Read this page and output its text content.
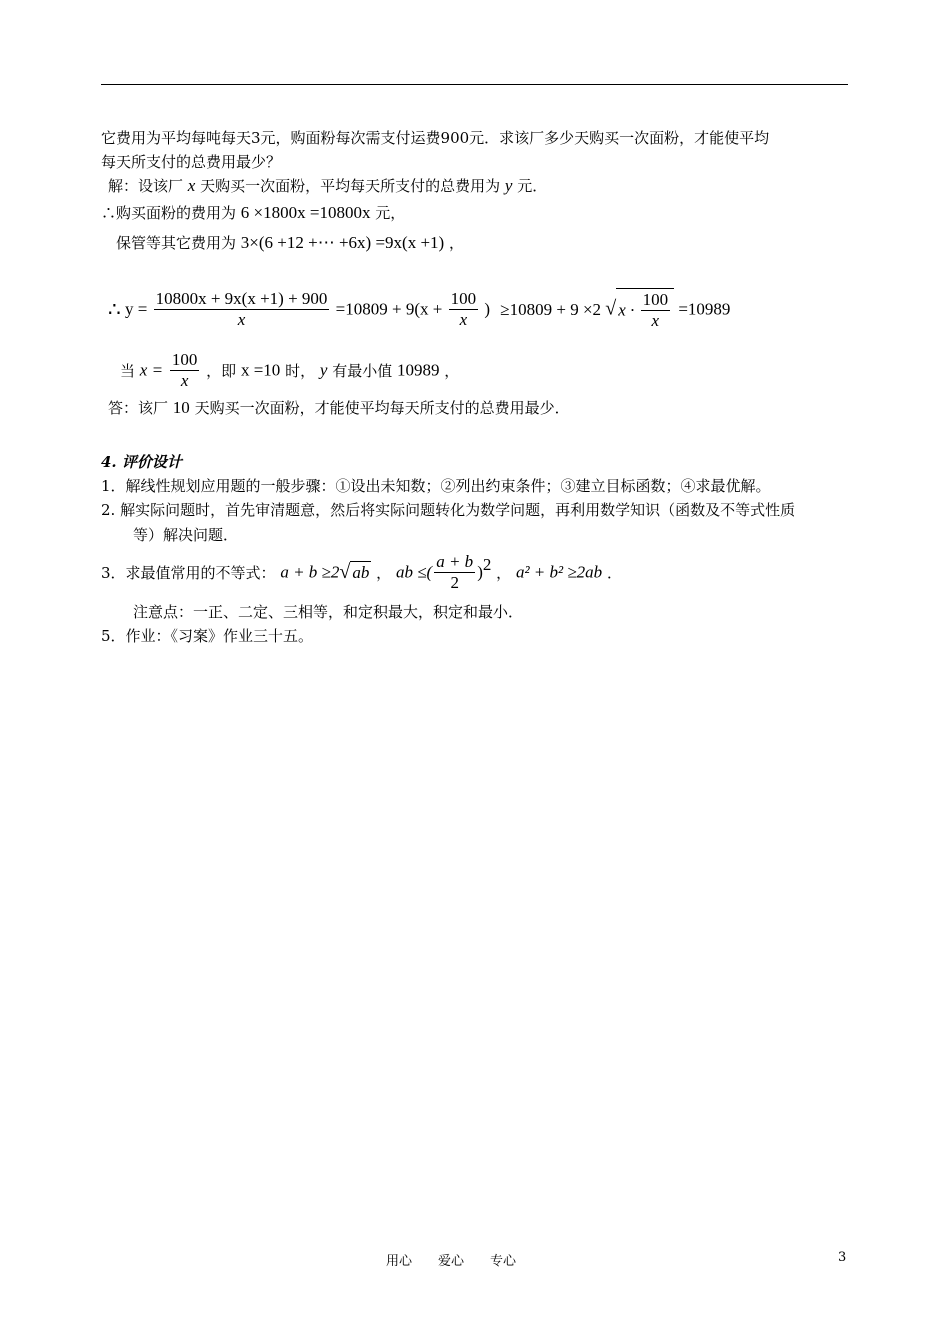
它费用为平均每吨每天3元，购面粉每次需支付运费900元．求该厂多少天购买一次面粉，才能使平均
每天所支付的总费用最少？
解：设该厂 x 天购买一次面粉，平均每天所支付的总费用为 y 元．
∴购买面粉的费用为 6 ×1800x =10800x 元，
保管等其它费用为 3×(6 +12 +⋯ +6x) =9x(x +1) ，
∴ $y = \frac{10800x + 9x(x +1) + 900}{x} =10809 + 9(x + \frac{100}{x}$ ) ≥10809 + 9 ×2 √ $x \cdot \frac{100}{x} =10989$
当 $x = \frac{100}{x}$ ，即 x =10 时， y 有最小值 10989 ，
答：该厂 10 天购买一次面粉，才能使平均每天所支付的总费用最少．
4. 评价设计
1．解线性规划应用题的一般步骤：①设出未知数；②列出约束条件；③建立目标函数；④求最优解。
2. 解实际问题时，首先审清题意，然后将实际问题转化为数学问题，再利用数学知识（函数及不等式性质
等）解决问题．
3．求最值常用的不等式： a + b ≥2√ ab ， ab ≤( $\frac{a + b}{2} )^2$ ， a² + b² ≥2ab ．
注意点：一正、二定、三相等，和定积最大，积定和最小．
5．作业：《习案》作业三十五。
用心　　爱心　　专心	3
